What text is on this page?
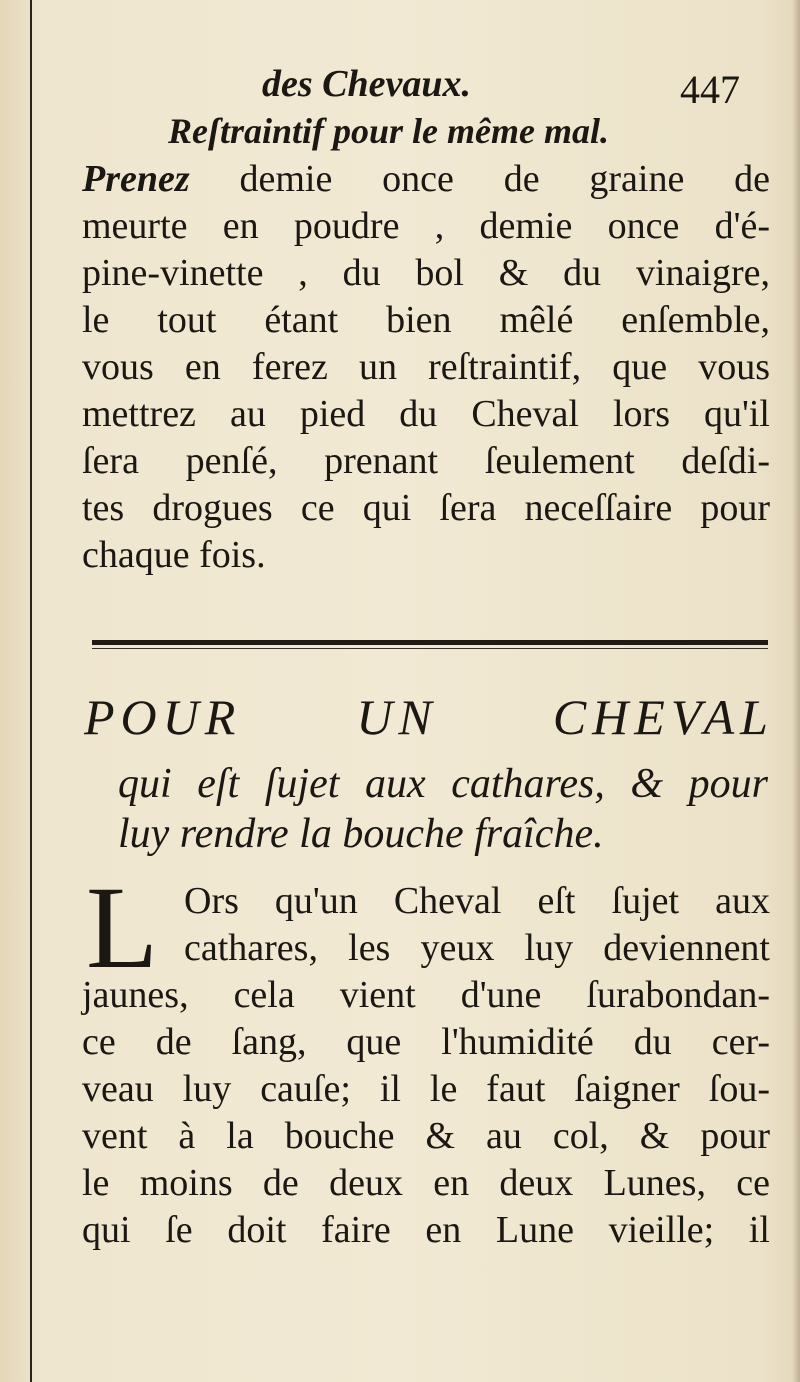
des Chevaux.	447
Reſtraintif pour le même mal.
Prenez demie once de graine de
meurte en poudre , demie once d'é-
pine-vinette , du bol & du vinaigre,
le tout étant bien mêlé enſemble,
vous en ferez un reſtraintif, que vous
mettrez au pied du Cheval lors qu'il
ſera penſé, prenant ſeulement deſdi-
tes drogues ce qui ſera neceſſaire pour
chaque fois.
POUR UN CHEVAL
qui eſt ſujet aux cathares, & pour
luy rendre la bouche fraîche.
L Ors qu'un Cheval eſt ſujet aux
cathares, les yeux luy deviennent
jaunes, cela vient d'une ſurabondan-
ce de ſang, que l'humidité du cer-
veau luy cauſe; il le faut ſaigner ſou-
vent à la bouche & au col, & pour
le moins de deux en deux Lunes, ce
qui ſe doit faire en Lune vieille; il
